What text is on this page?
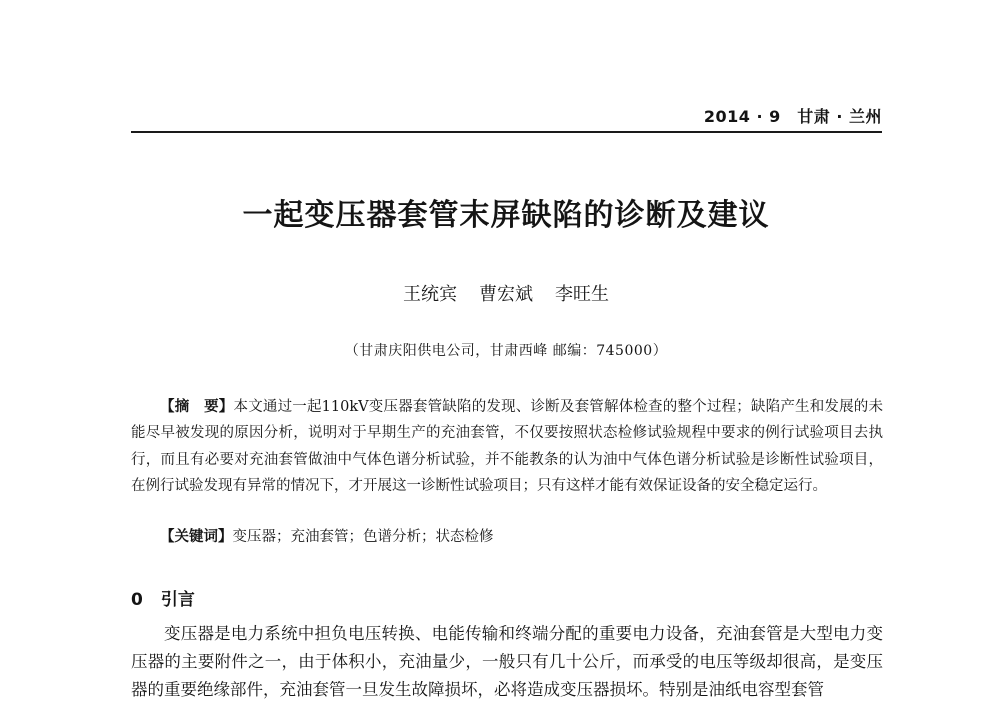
2014 · 9　甘肃 · 兰州
一起变压器套管末屏缺陷的诊断及建议
王统宾 曹宏斌 李旺生
（甘肃庆阳供电公司，甘肃西峰 邮编：745000）

【摘　要】本文通过一起110kV变压器套管缺陷的发现、诊断及套管解体检查的整个过程；缺陷产生和发展的未能尽早被发现的原因分析，说明对于早期生产的充油套管，不仅要按照状态检修试验规程中要求的例行试验项目去执行，而且有必要对充油套管做油中气体色谱分析试验，并不能教条的认为油中气体色谱分析试验是诊断性试验项目，在例行试验发现有异常的情况下，才开展这一诊断性试验项目；只有这样才能有效保证设备的安全稳定运行。

【关键词】变压器；充油套管；色谱分析；状态检修

0 引言

变压器是电力系统中担负电压转换、电能传输和终端分配的重要电力设备，充油套管是大型电力变压器的主要附件之一，由于体积小，充油量少，一般只有几十公斤，而承受的电压等级却很高，是变压器的重要绝缘部件，充油套管一旦发生故障损坏，必将造成变压器损坏。特别是油纸电容型套管
